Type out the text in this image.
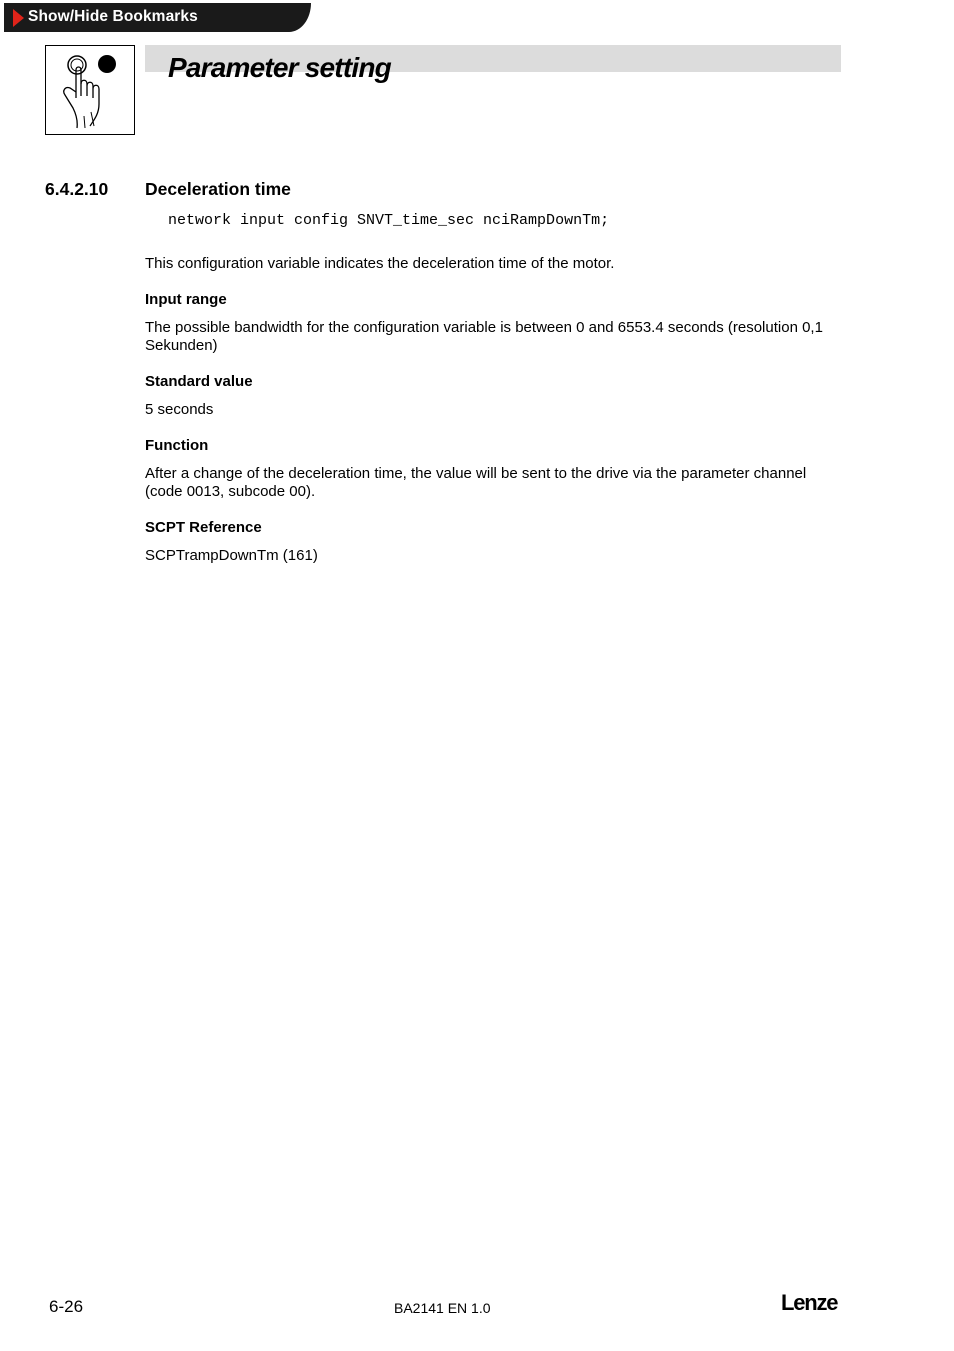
Show/Hide Bookmarks
Parameter setting
6.4.2.10 Deceleration time
network input config SNVT_time_sec nciRampDownTm;

This configuration variable indicates the deceleration time of the motor.

Input range

The possible bandwidth for the configuration variable is between 0 and 6553.4 seconds (resolution 0,1 Sekunden)

Standard value

5 seconds

Function

After a change of the deceleration time, the value will be sent to the drive via the parameter channel (code 0013, subcode 00).

SCPT Reference

SCPTrampDownTm (161)

6-26	BA2141 EN 1.0	Lenze
